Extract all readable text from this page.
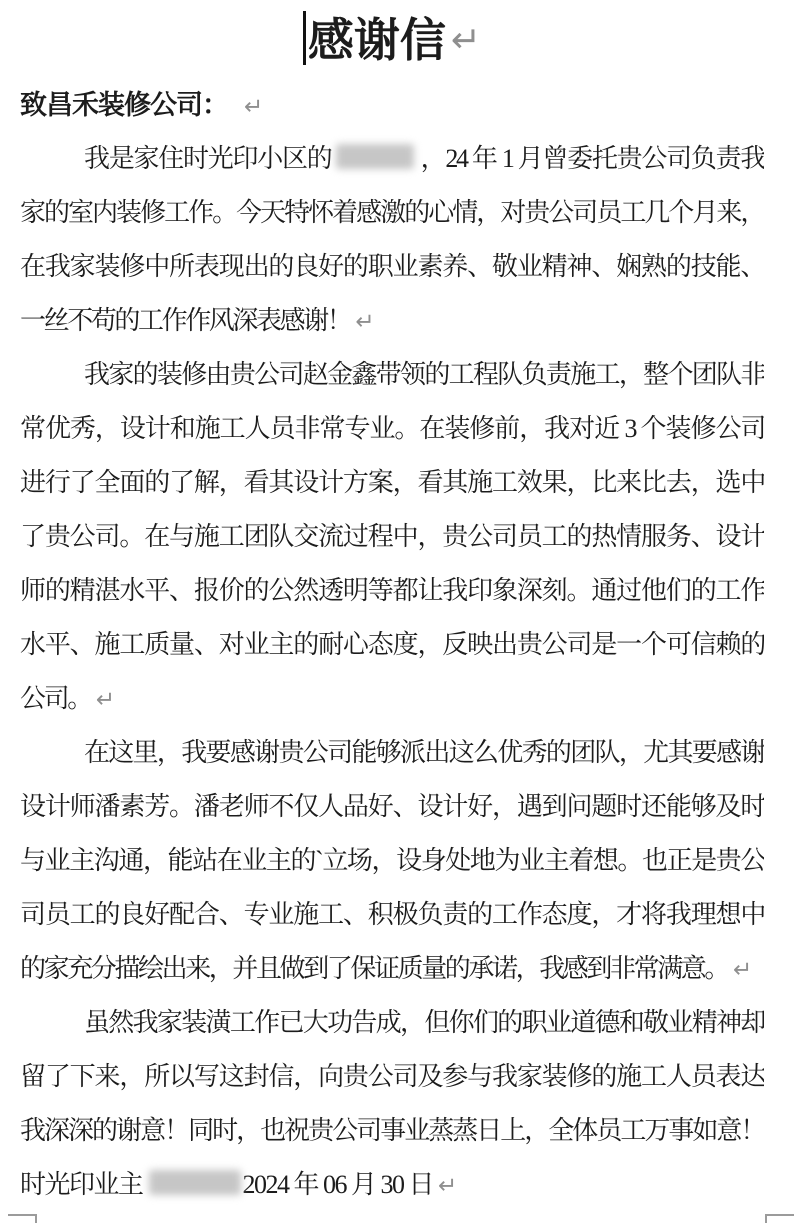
感谢信 ↵
致昌禾装修公司： ↵
我是家住时光印小区的	，24 年 1 月曾委托贵公司负责我
家的室内装修工作。今天特怀着感激的心情，对贵公司员工几个月来，
在我家装修中所表现出的良好的职业素养、敬业精神、娴熟的技能、
一丝不苟的工作作风深表感谢！ ↵
我家的装修由贵公司赵金鑫带领的工程队负责施工，整个团队非
常优秀，设计和施工人员非常专业。在装修前，我对近 3 个装修公司
进行了全面的了解，看其设计方案，看其施工效果，比来比去，选中
了贵公司。在与施工团队交流过程中，贵公司员工的热情服务、设计
师的精湛水平、报价的公然透明等都让我印象深刻。通过他们的工作
水平、施工质量、对业主的耐心态度，反映出贵公司是一个可信赖的
公司。 ↵
在这里，我要感谢贵公司能够派出这么优秀的团队，尤其要感谢
设计师潘素芳。潘老师不仅人品好、设计好，遇到问题时还能够及时
与业主沟通，能站在业主的`立场，设身处地为业主着想。也正是贵公
司员工的良好配合、专业施工、积极负责的工作态度，才将我理想中
的家充分描绘出来，并且做到了保证质量的承诺，我感到非常满意。 ↵
虽然我家装潢工作已大功告成，但你们的职业道德和敬业精神却
留了下来，所以写这封信，向贵公司及参与我家装修的施工人员表达
我深深的谢意！同时，也祝贵公司事业蒸蒸日上，全体员工万事如意！
时光印业主	2024 年 06 月 30 日 ↵
